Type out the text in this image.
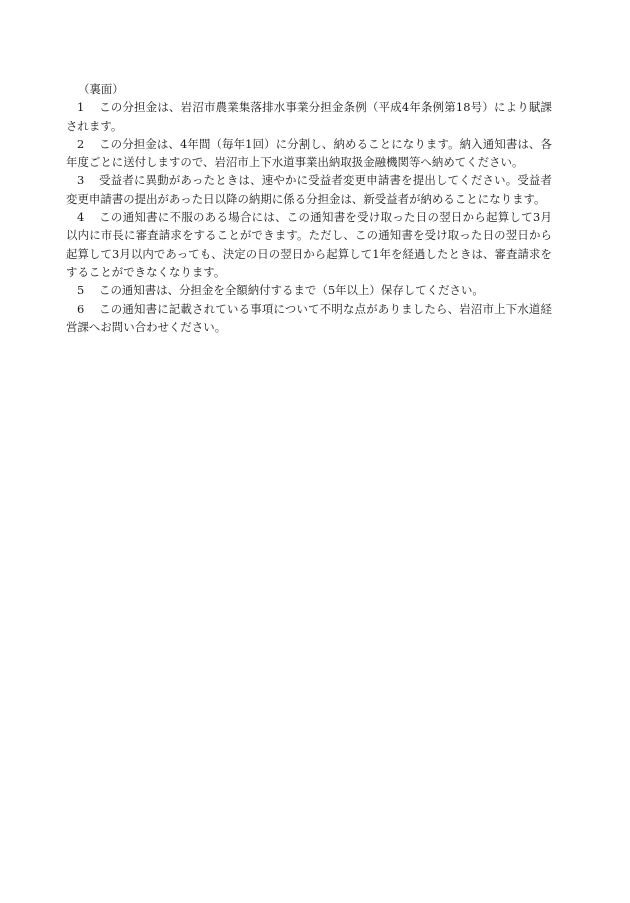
（裏面）

1 この分担金は、岩沼市農業集落排水事業分担金条例（平成4年条例第18号）により賦課されます。

2 この分担金は、4年間（毎年1回）に分割し、納めることになります。納入通知書は、各年度ごとに送付しますので、岩沼市上下水道事業出納取扱金融機関等へ納めてください。

3 受益者に異動があったときは、速やかに受益者変更申請書を提出してください。受益者変更申請書の提出があった日以降の納期に係る分担金は、新受益者が納めることになります。

4 この通知書に不服のある場合には、この通知書を受け取った日の翌日から起算して3月以内に市長に審査請求をすることができます。ただし、この通知書を受け取った日の翌日から起算して3月以内であっても、決定の日の翌日から起算して1年を経過したときは、審査請求をすることができなくなります。

5 この通知書は、分担金を全額納付するまで（5年以上）保存してください。

6 この通知書に記載されている事項について不明な点がありましたら、岩沼市上下水道経営課へお問い合わせください。
